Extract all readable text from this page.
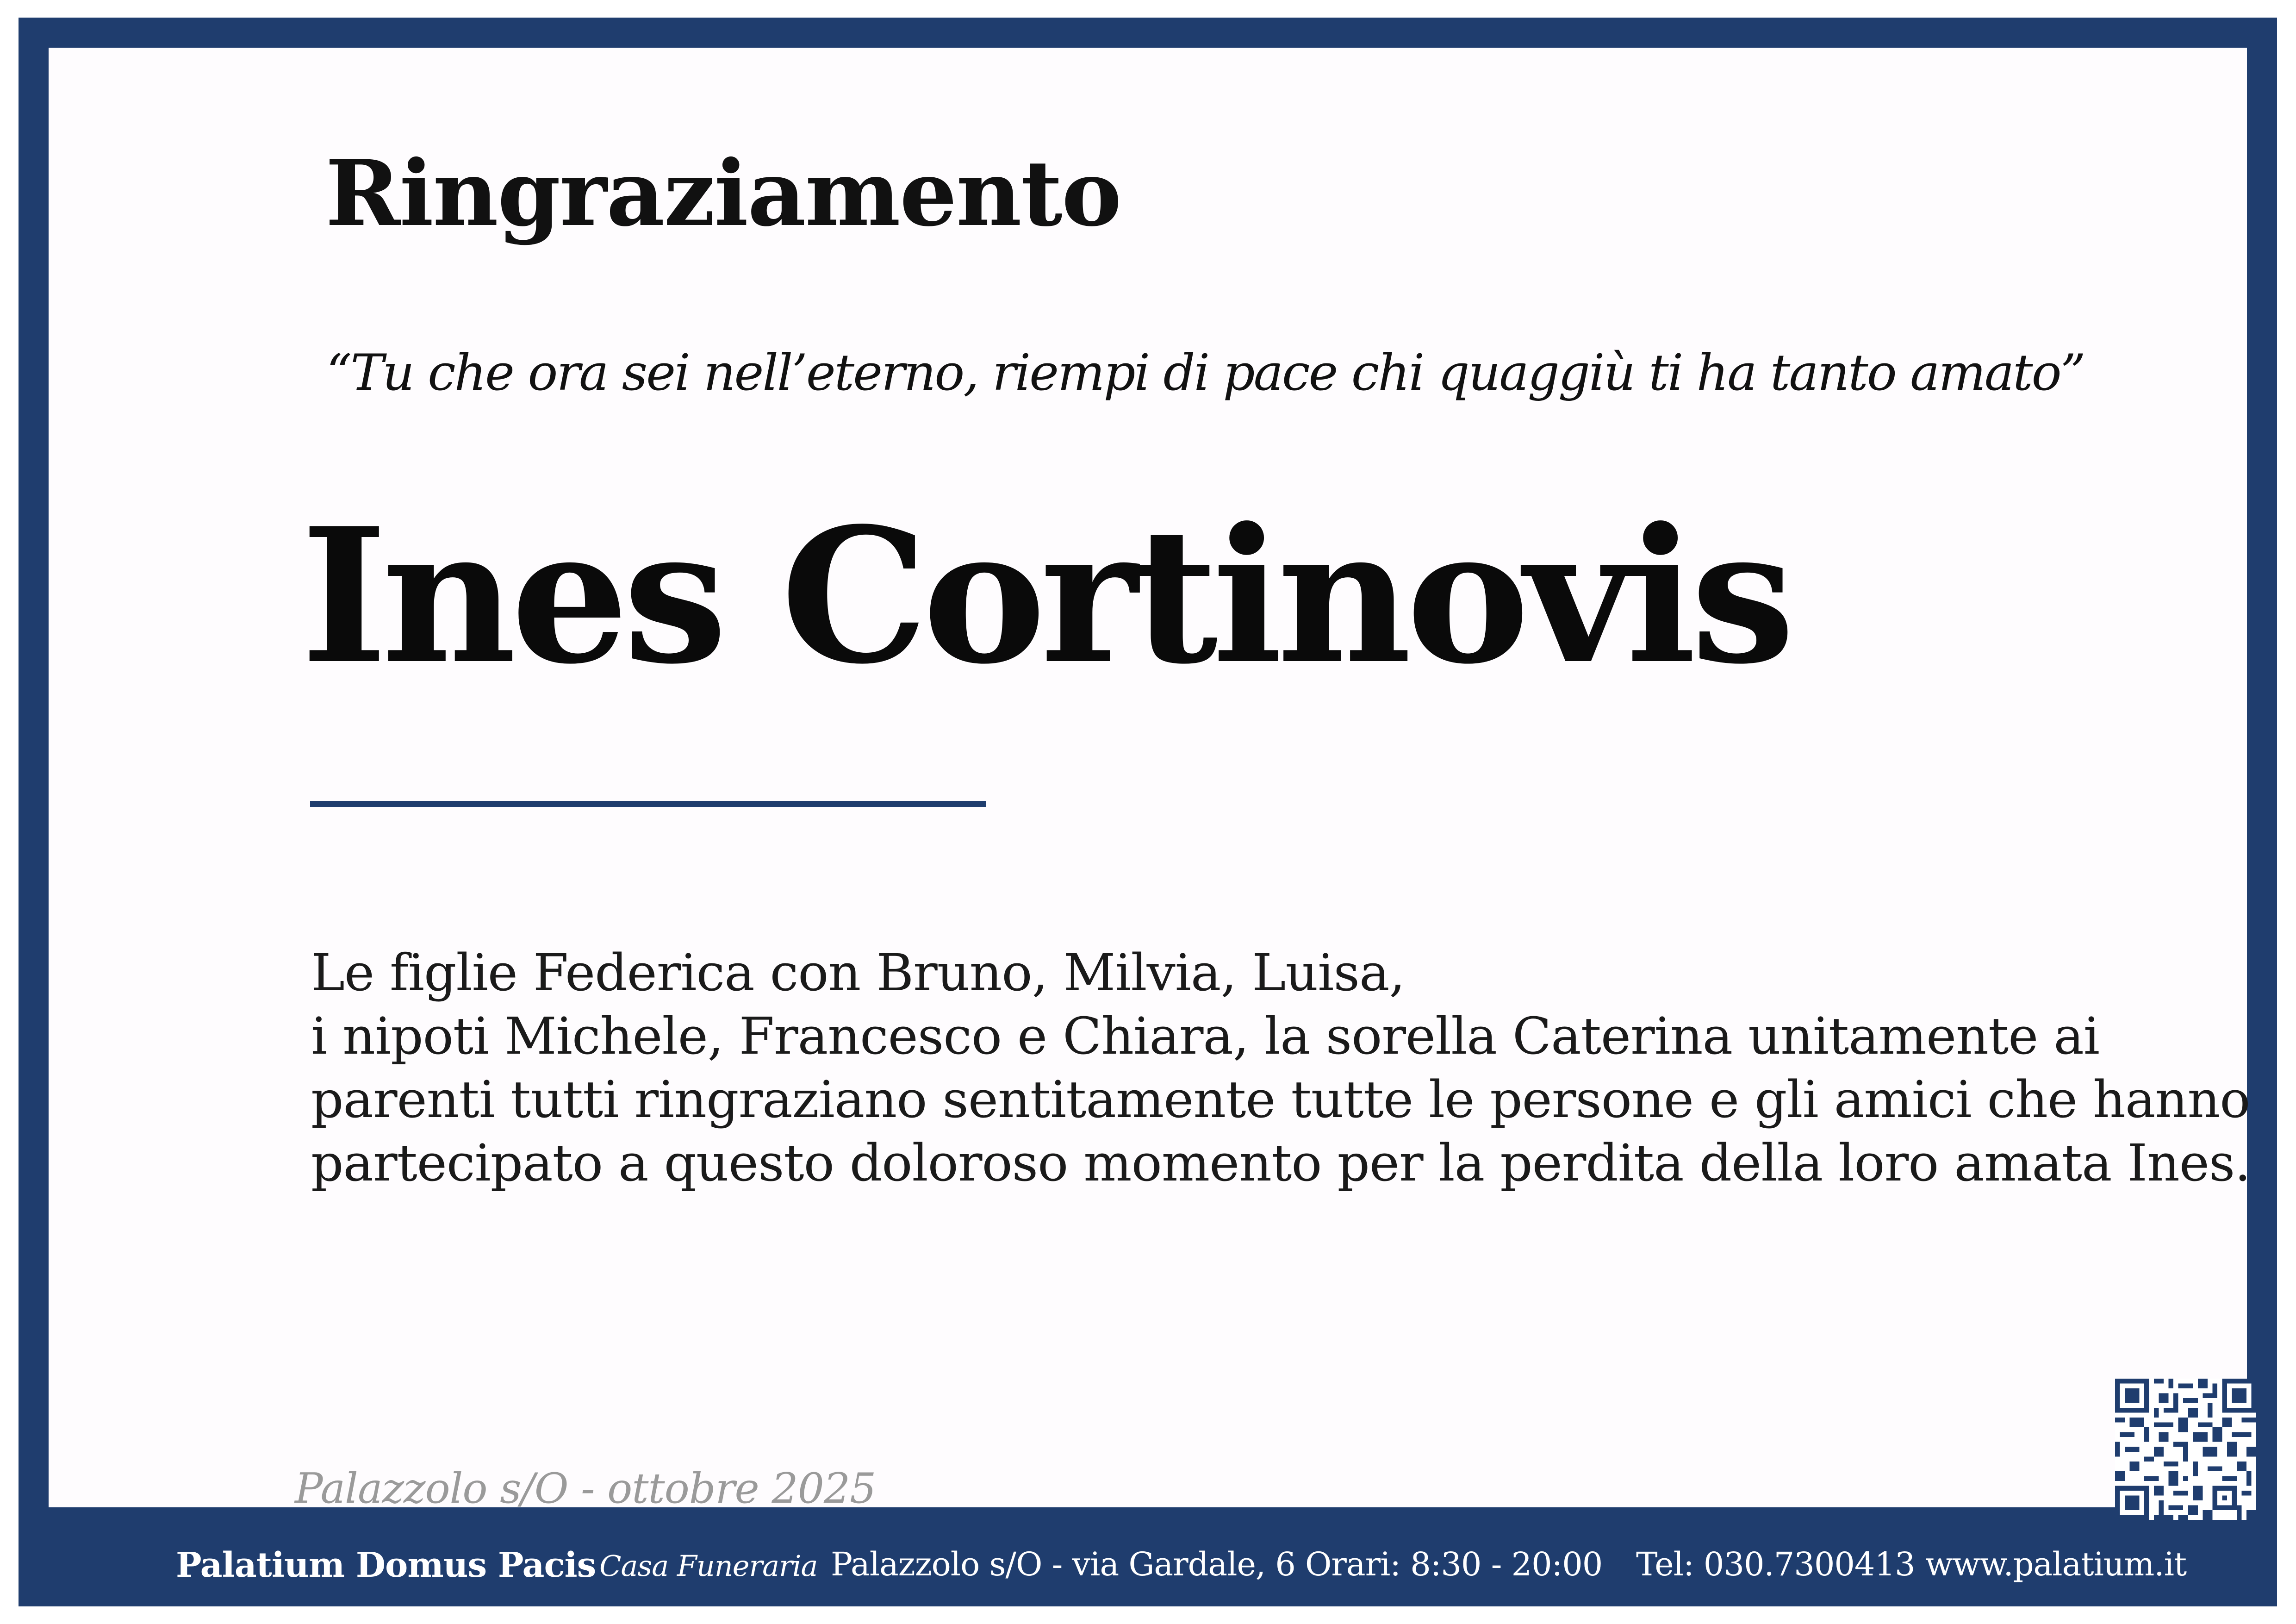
Ringraziamento
“Tu che ora sei nell’eterno, riempi di pace chi quaggiù ti ha tanto amato”
Ines Cortinovis
Le figlie Federica con Bruno, Milvia, Luisa,
i nipoti Michele, Francesco e Chiara, la sorella Caterina unitamente ai
parenti tutti ringraziano sentitamente tutte le persone e gli amici che hanno
partecipato a questo doloroso momento per la perdita della loro amata Ines.
Palazzolo s/O - ottobre 2025
Palatium Domus Pacis Casa Funeraria Palazzolo s/O - via Gardale, 6 Orari: 8:30 - 20:00 Tel: 030.7300413 www.palatium.it
